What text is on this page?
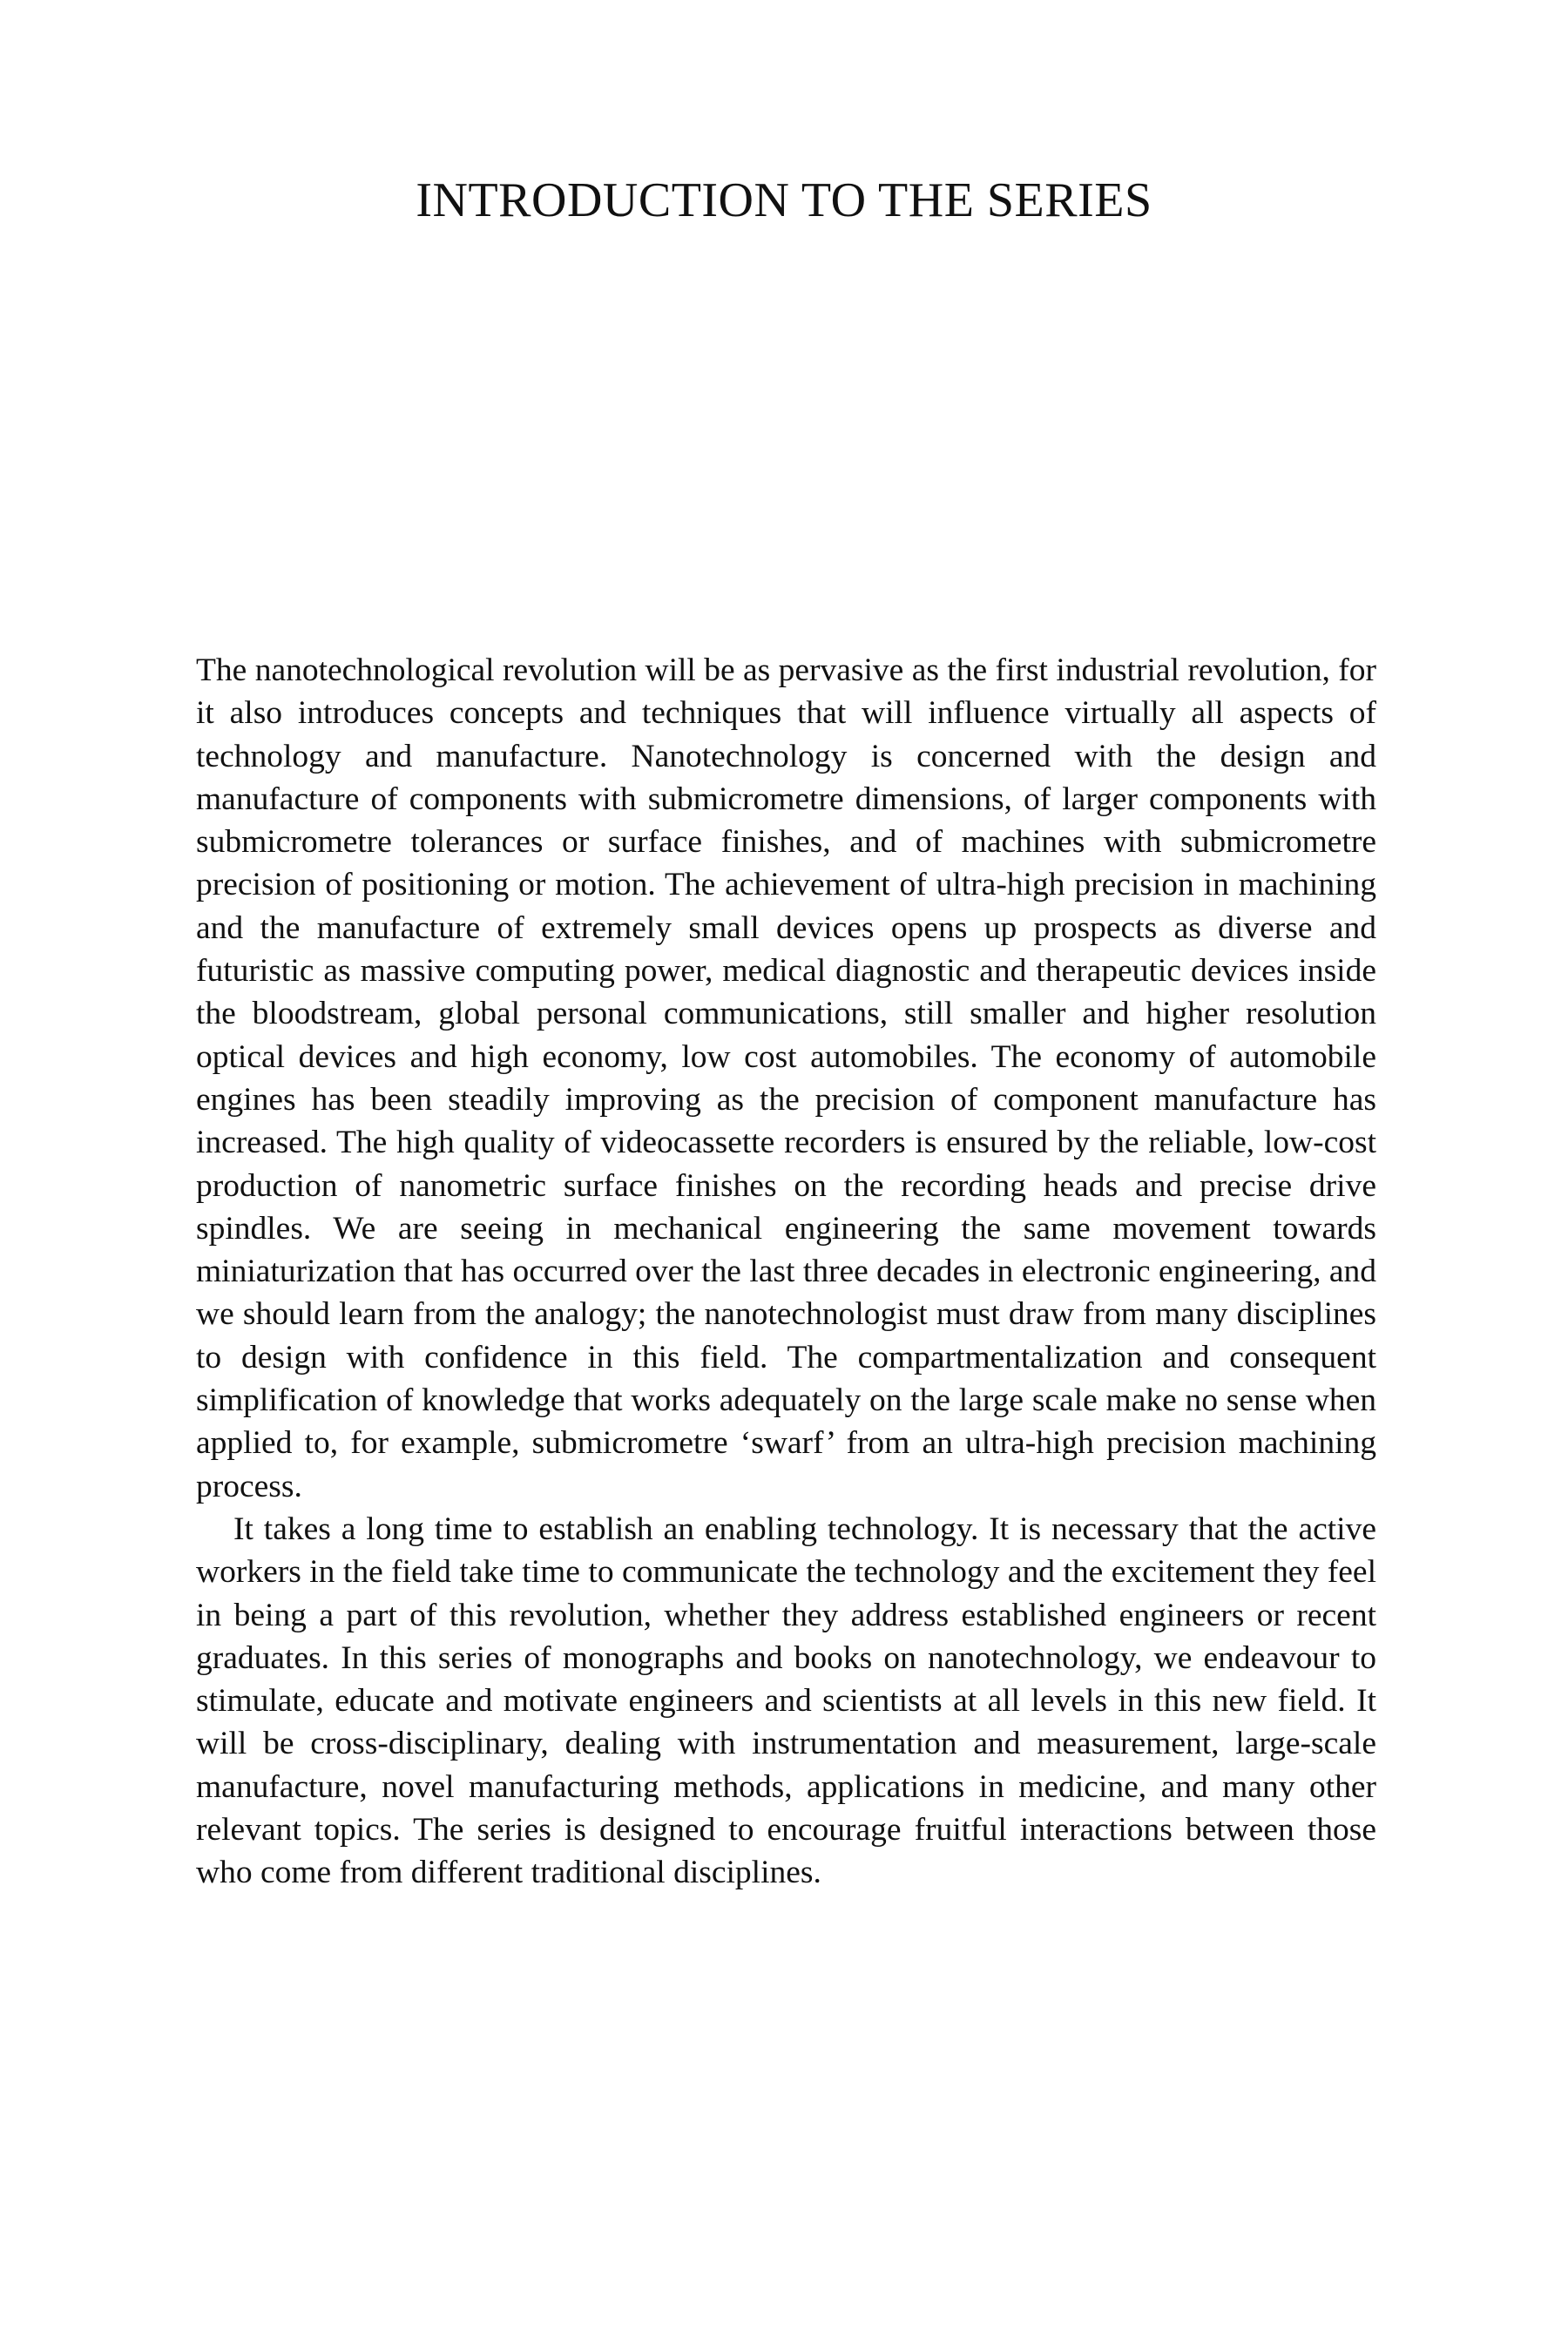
INTRODUCTION TO THE SERIES

The nanotechnological revolution will be as pervasive as the first industrial revolution, for it also introduces concepts and techniques that will influence virtually all aspects of technology and manufacture. Nanotechnology is concerned with the design and manufacture of components with submicrometre dimensions, of larger components with submicrometre tolerances or surface finishes, and of machines with submicrometre precision of positioning or motion. The achievement of ultra-high precision in machining and the manufacture of extremely small devices opens up prospects as diverse and futuristic as massive computing power, medical diagnostic and therapeutic devices inside the bloodstream, global personal communications, still smaller and higher resolution optical devices and high economy, low cost automobiles. The economy of automobile engines has been steadily improving as the precision of component manufacture has increased. The high quality of videocassette recorders is ensured by the reliable, low-cost production of nanometric surface finishes on the recording heads and precise drive spindles. We are seeing in mechanical engineering the same movement towards miniaturization that has occurred over the last three decades in electronic engineering, and we should learn from the analogy; the nanotechnologist must draw from many disciplines to design with confidence in this field. The compartmentalization and consequent simplification of knowledge that works adequately on the large scale make no sense when applied to, for example, submicrometre ‘swarf’ from an ultra-high precision machining process.

It takes a long time to establish an enabling technology. It is necessary that the active workers in the field take time to communicate the technology and the excitement they feel in being a part of this revolution, whether they address established engineers or recent graduates. In this series of monographs and books on nanotechnology, we endeavour to stimulate, educate and motivate engineers and scientists at all levels in this new field. It will be cross-disciplinary, dealing with instrumentation and measurement, large-scale manufacture, novel manufacturing methods, applications in medicine, and many other relevant topics. The series is designed to encourage fruitful interactions between those who come from different traditional disciplines.
